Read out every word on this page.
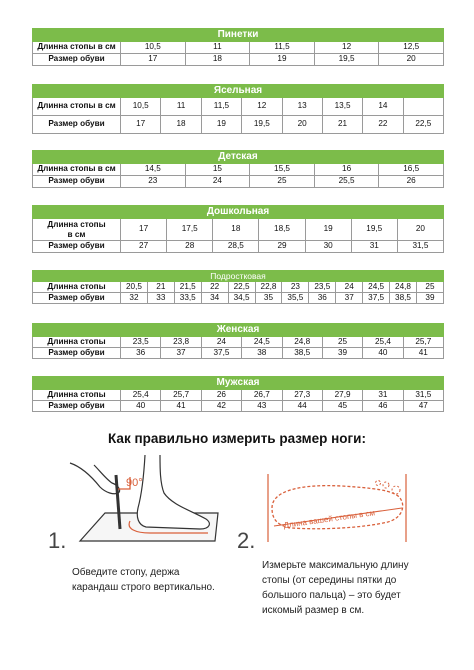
Пинетки					
Длинна стопы в см	10,5	11	11,5	12	12,5
Размер обуви	17	18	19	19,5	20
Ясельная								
Длинна стопы в см	10,5	11	11,5	12	13	13,5	14	
Размер обуви	17	18	19	19,5	20	21	22	22,5
Детская					
Длинна стопы в см	14,5	15	15,5	16	16,5
Размер обуви	23	24	25	25,5	26
Дошкольная							
Длинна стопы
в см	17	17,5	18	18,5	19	19,5	20
Размер обуви	27	28	28,5	29	30	31	31,5
Подростковая												
Длинна стопы	20,5	21	21,5	22	22,5	22,8	23	23,5	24	24,5	24,8	25
Размер обуви	32	33	33,5	34	34,5	35	35,5	36	37	37,5	38,5	39
Женская								
Длинна стопы	23,5	23,8	24	24,5	24,8	25	25,4	25,7
Размер обуви	36	37	37,5	38	38,5	39	40	41
Мужская								
Длинна стопы	25,4	25,7	26	26,7	27,3	27,9	31	31,5
Размер обуви	40	41	42	43	44	45	46	47
Как правильно измерить размер ноги:
90°
1.
Обведите стопу, держа
карандаш строго вертикально.
Длина вашей стопы в см
2.
Измерьте максимальную длину
стопы (от середины пятки до
большого пальца) – это будет
искомый размер в см.
